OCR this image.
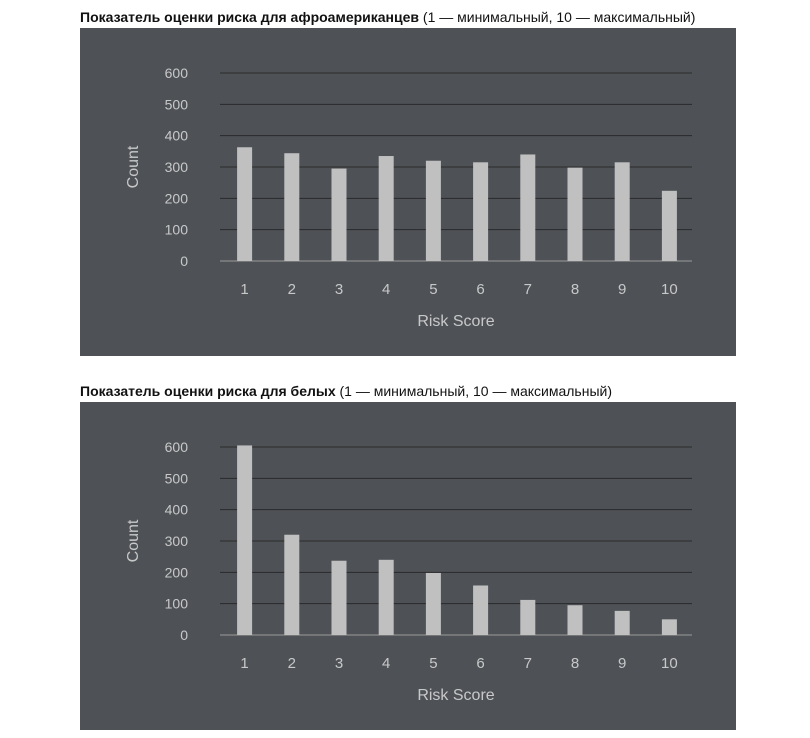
Показатель оценки риска для афроамериканцев (1 — минимальный, 10 — максимальный)
0
100
200
300
400
500
600
1	2	3	4	5	6	7	8	9 10
Risk Score
Count
Показатель оценки риска для белых (1 — минимальный, 10 — максимальный)
0
100
200
300
400
500
600
1	2	3	4	5	6	7	8	9 10
Risk Score
Count
